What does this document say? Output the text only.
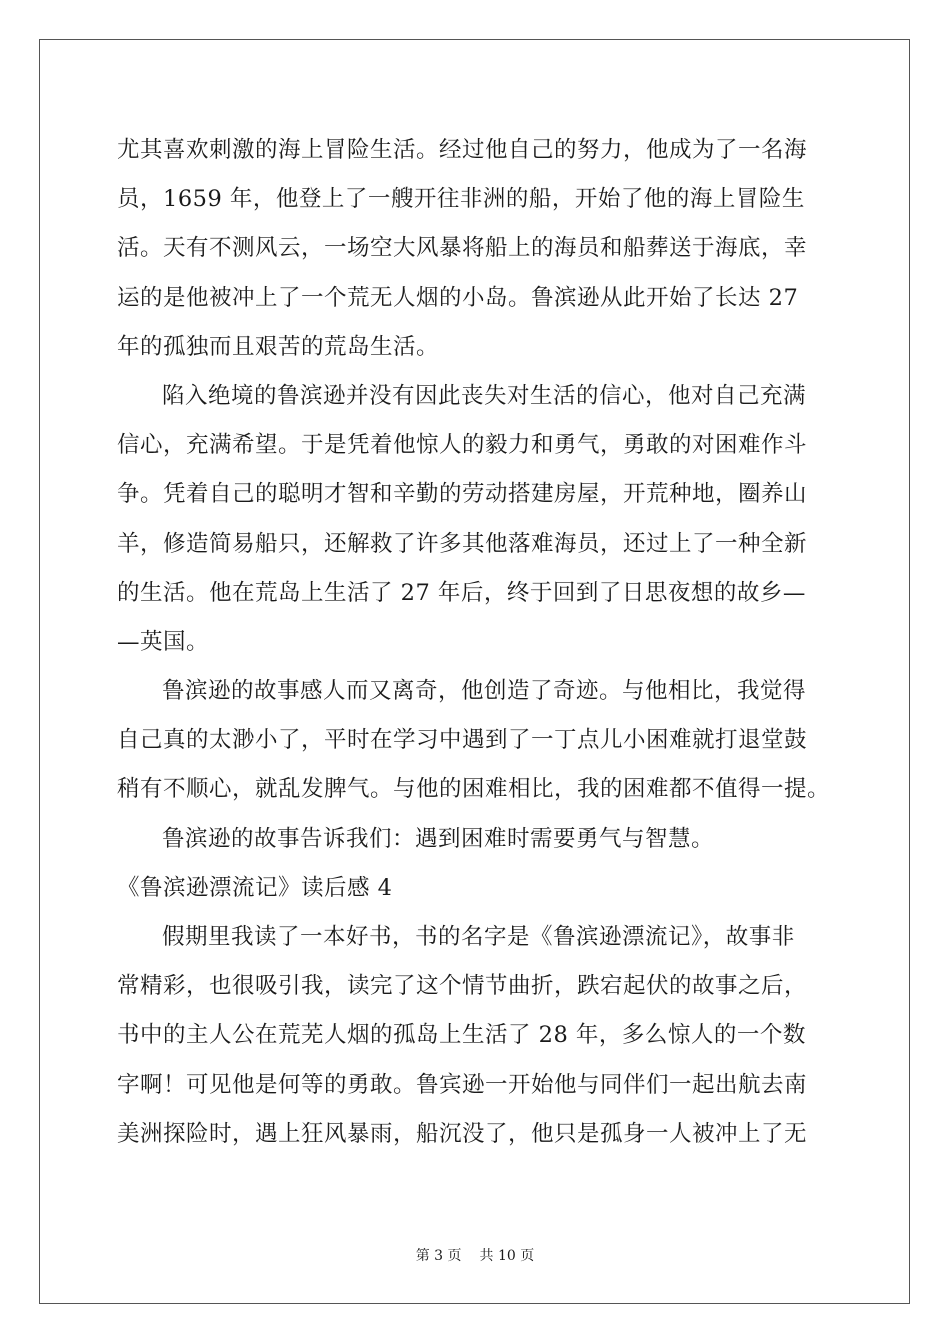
尤其喜欢刺激的海上冒险生活。经过他自己的努力，他成为了一名海
员，1659 年，他登上了一艘开往非洲的船，开始了他的海上冒险生
活。天有不测风云，一场空大风暴将船上的海员和船葬送于海底，幸
运的是他被冲上了一个荒无人烟的小岛。鲁滨逊从此开始了长达 27
年的孤独而且艰苦的荒岛生活。
陷入绝境的鲁滨逊并没有因此丧失对生活的信心，他对自己充满
信心，充满希望。于是凭着他惊人的毅力和勇气，勇敢的对困难作斗
争。凭着自己的聪明才智和辛勤的劳动搭建房屋，开荒种地，圈养山
羊，修造简易船只，还解救了许多其他落难海员，还过上了一种全新
的生活。他在荒岛上生活了 27 年后，终于回到了日思夜想的故乡—
—英国。
鲁滨逊的故事感人而又离奇，他创造了奇迹。与他相比，我觉得
自己真的太渺小了，平时在学习中遇到了一丁点儿小困难就打退堂鼓
稍有不顺心，就乱发脾气。与他的困难相比，我的困难都不值得一提。
鲁滨逊的故事告诉我们：遇到困难时需要勇气与智慧。
《鲁滨逊漂流记》读后感 4
假期里我读了一本好书，书的名字是《鲁滨逊漂流记》，故事非
常精彩，也很吸引我，读完了这个情节曲折，跌宕起伏的故事之后，
书中的主人公在荒芜人烟的孤岛上生活了 28 年，多么惊人的一个数
字啊！可见他是何等的勇敢。鲁宾逊一开始他与同伴们一起出航去南
美洲探险时，遇上狂风暴雨，船沉没了，他只是孤身一人被冲上了无
第 3 页 共 10 页
